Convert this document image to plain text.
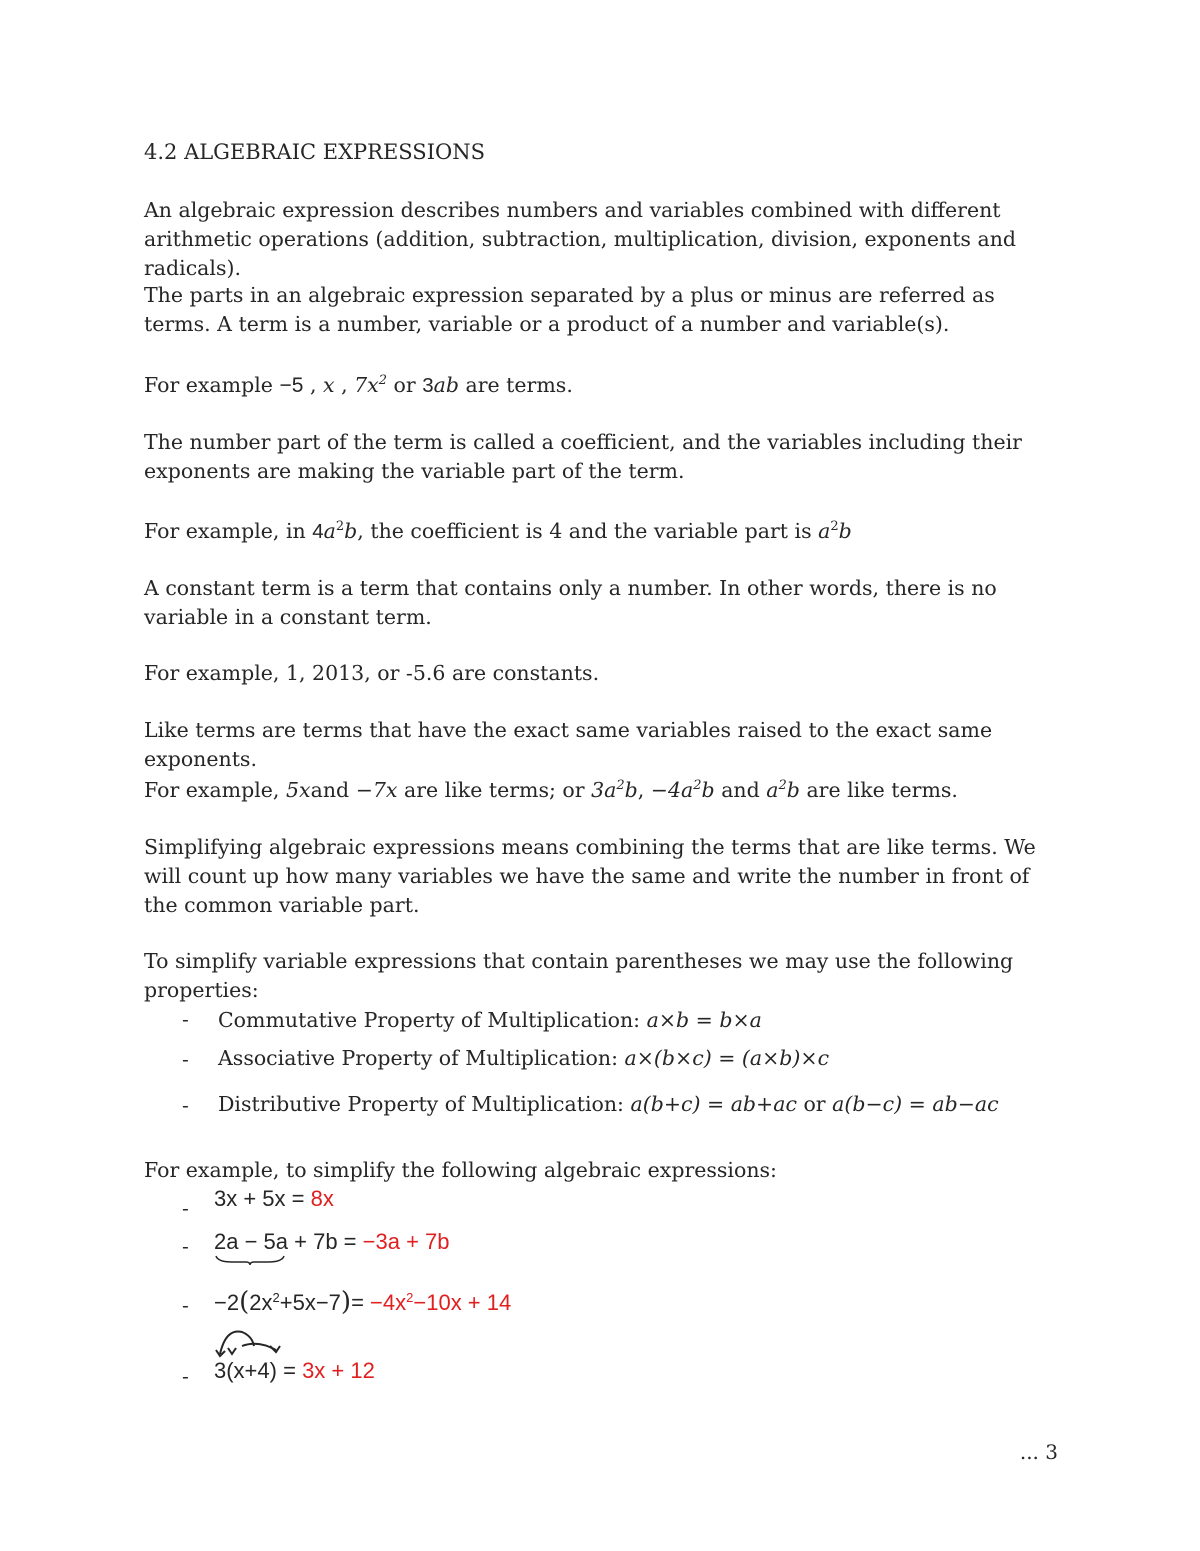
4.2 ALGEBRAIC EXPRESSIONS

An algebraic expression describes numbers and variables combined with different arithmetic operations (addition, subtraction, multiplication, division, exponents and radicals).

The parts in an algebraic expression separated by a plus or minus are referred as terms. A term is a number, variable or a product of a number and variable(s).

For example −5 , x , $7x^2$ or 3ab are terms.

The number part of the term is called a coefficient, and the variables including their exponents are making the variable part of the term.

For example, in $4a^2b$, the coefficient is 4 and the variable part is $a^2b$

A constant term is a term that contains only a number. In other words, there is no variable in a constant term.

For example, 1, 2013, or -5.6 are constants.

Like terms are terms that have the exact same variables raised to the exact same exponents.

For example, 5xand −7x are like terms; or $3a^2b$, $-4a^2b$ and $a^2b$ are like terms.

Simplifying algebraic expressions means combining the terms that are like terms. We will count up how many variables we have the same and write the number in front of the common variable part.

To simplify variable expressions that contain parentheses we may use the following properties:

- Commutative Property of Multiplication: a×b = b×a
- Associative Property of Multiplication: a×(b×c) = (a×b)×c
- Distributive Property of Multiplication: a(b+c) = ab+ac or a(b−c) = ab−ac

For example, to simplify the following algebraic expressions:

- 3x + 5x = 8x
- 2a − 5a + 7b = −3a + 7b
- $-2(2x^2+5x-7)= -4x^2-10x + 14$
- 3(x+4) = 3x + 12
... 3
